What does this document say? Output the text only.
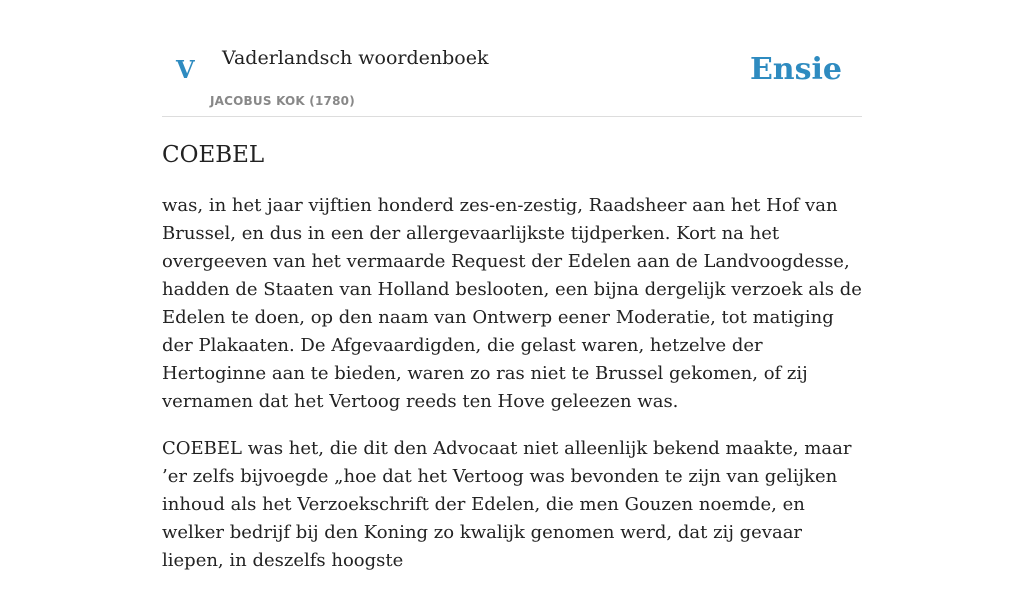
V Vaderlandsch woordenboek
JACOBUS KOK (1780)
Ensie
COEBEL

was, in het jaar vijftien honderd zes-en-zestig, Raadsheer aan het Hof van Brussel, en dus in een der allergevaarlijkste tijdperken. Kort na het overgeeven van het vermaarde Request der Edelen aan de Landvoogdesse, hadden de Staaten van Holland beslooten, een bijna dergelijk verzoek als de Edelen te doen, op den naam van Ontwerp eener Moderatie, tot matiging der Plakaaten. De Afgevaardigden, die gelast waren, hetzelve der Hertoginne aan te bieden, waren zo ras niet te Brussel gekomen, of zij vernamen dat het Vertoog reeds ten Hove geleezen was.

COEBEL was het, die dit den Advocaat niet alleenlijk bekend maakte, maar ’er zelfs bijvoegde „hoe dat het Vertoog was bevonden te zijn van gelijken inhoud als het Verzoekschrift der Edelen, die men Gouzen noemde, en welker bedrijf bij den Koning zo kwalijk genomen werd, dat zij gevaar liepen, in deszelfs hoogste
